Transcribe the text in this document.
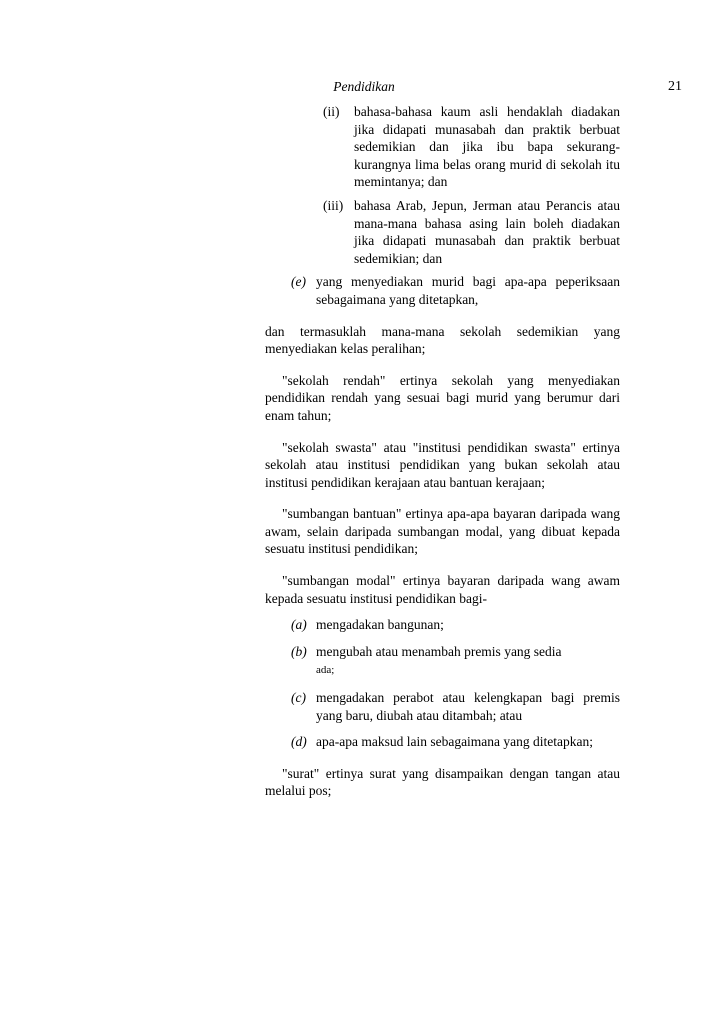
Pendidikan	21
(ii) bahasa-bahasa kaum asli hendaklah diadakan jika didapati munasabah dan praktik berbuat sedemikian dan jika ibu bapa sekurang-kurangnya lima belas orang murid di sekolah itu memintanya; dan
(iii) bahasa Arab, Jepun, Jerman atau Perancis atau mana-mana bahasa asing lain boleh diadakan jika didapati munasabah dan praktik berbuat sedemikian; dan
(e) yang menyediakan murid bagi apa-apa peperiksaan sebagaimana yang ditetapkan,

dan termasuklah mana-mana sekolah sedemikian yang menyediakan kelas peralihan;

"sekolah rendah" ertinya sekolah yang menyediakan pendidikan rendah yang sesuai bagi murid yang berumur dari enam tahun;

"sekolah swasta" atau "institusi pendidikan swasta" ertinya sekolah atau institusi pendidikan yang bukan sekolah atau institusi pendidikan kerajaan atau bantuan kerajaan;

"sumbangan bantuan" ertinya apa-apa bayaran daripada wang awam, selain daripada sumbangan modal, yang dibuat kepada sesuatu institusi pendidikan;

"sumbangan modal" ertinya bayaran daripada wang awam kepada sesuatu institusi pendidikan bagi-

(a) mengadakan bangunan;
(b) mengubah atau menambah premis yang sedia
ada;
(c) mengadakan perabot atau kelengkapan bagi premis yang baru, diubah atau ditambah; atau
(d) apa-apa maksud lain sebagaimana yang ditetapkan;

"surat" ertinya surat yang disampaikan dengan tangan atau melalui pos;
